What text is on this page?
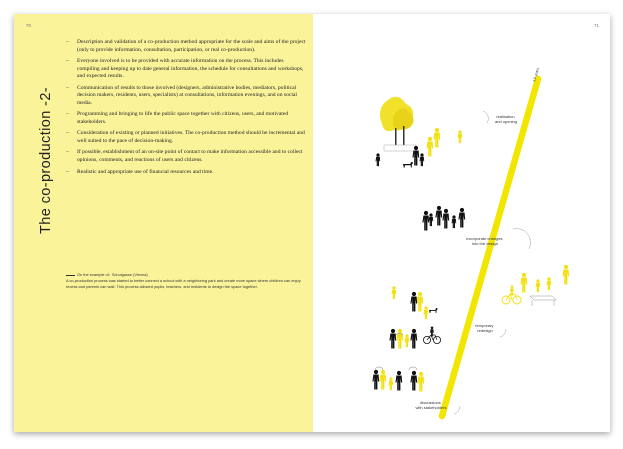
70
The co-production -2-
– Description and validation of a co-production method appropriate for the scale and aims of the project (only to provide information, consultation, participation, or real co-production).
– Everyone involved is to be provided with accurate information on the process. This includes compiling and keeping up to date general information, the schedule for consultations and workshops, and expected results.
– Communication of results to those involved (designers, administrative bodies, mediators, political decision makers, residents, users, specialists) at consultations, information evenings, and on social media.
– Programming and bringing to life the public space together with citizens, users, and motivated stakeholders.
– Consideration of existing or planned initiatives. The co-production method should be incremental and well suited to the pace of decision-making.
– If possible, establishment of an on-site point of contact to make information accessible and to collect opinions, comments, and reactions of users and citizens.
– Realistic and appropriate use of financial resources and time.
On the example of: Schulgasse (Vienna)
A co-production process was started to better connect a school with a neighboring park and create more space where children can enjoy recess and parents can wait. This process allowed pupils, teachers, and residents to design the space together.
71
1.5 years
realisation and opening
incorporate changes into the design
temporary redesign
discussions with stakeholders
